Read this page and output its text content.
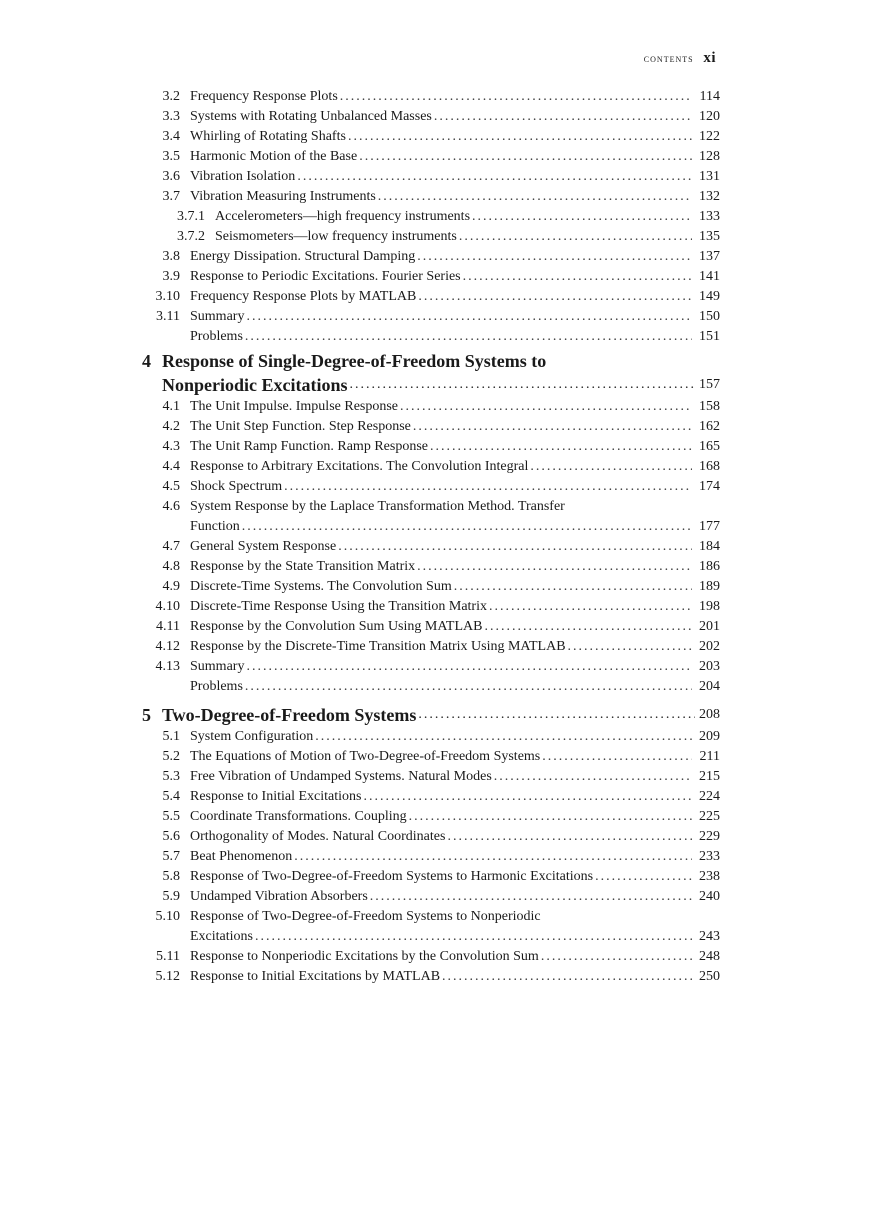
CONTENTS xi
3.2 Frequency Response Plots .....	114
3.3 Systems with Rotating Unbalanced Masses .....	120
3.4 Whirling of Rotating Shafts .....	122
3.5 Harmonic Motion of the Base .....	128
3.6 Vibration Isolation .....	131
3.7 Vibration Measuring Instruments .....	132
3.7.1 Accelerometers—high frequency instruments .....	133
3.7.2 Seismometers—low frequency instruments .....	135
3.8 Energy Dissipation. Structural Damping .....	137
3.9 Response to Periodic Excitations. Fourier Series .....	141
3.10 Frequency Response Plots by MATLAB .....	149
3.11 Summary .....	150
Problems .....	151
4 Response of Single-Degree-of-Freedom Systems to
Nonperiodic Excitations .....	157
4.1 The Unit Impulse. Impulse Response .....	158
4.2 The Unit Step Function. Step Response .....	162
4.3 The Unit Ramp Function. Ramp Response .....	165
4.4 Response to Arbitrary Excitations. The Convolution Integral .....	168
4.5 Shock Spectrum .....	174
4.6 System Response by the Laplace Transformation Method. Transfer
Function .....	177
4.7 General System Response .....	184
4.8 Response by the State Transition Matrix .....	186
4.9 Discrete-Time Systems. The Convolution Sum .....	189
4.10 Discrete-Time Response Using the Transition Matrix .....	198
4.11 Response by the Convolution Sum Using MATLAB .....	201
4.12 Response by the Discrete-Time Transition Matrix Using MATLAB .....	202
4.13 Summary .....	203
Problems .....	204
5 Two-Degree-of-Freedom Systems .....	208
5.1 System Configuration .....	209
5.2 The Equations of Motion of Two-Degree-of-Freedom Systems .....	211
5.3 Free Vibration of Undamped Systems. Natural Modes .....	215
5.4 Response to Initial Excitations .....	224
5.5 Coordinate Transformations. Coupling .....	225
5.6 Orthogonality of Modes. Natural Coordinates .....	229
5.7 Beat Phenomenon .....	233
5.8 Response of Two-Degree-of-Freedom Systems to Harmonic Excitations .....	238
5.9 Undamped Vibration Absorbers .....	240
5.10 Response of Two-Degree-of-Freedom Systems to Nonperiodic
Excitations .....	243
5.11 Response to Nonperiodic Excitations by the Convolution Sum .....	248
5.12 Response to Initial Excitations by MATLAB .....	250
